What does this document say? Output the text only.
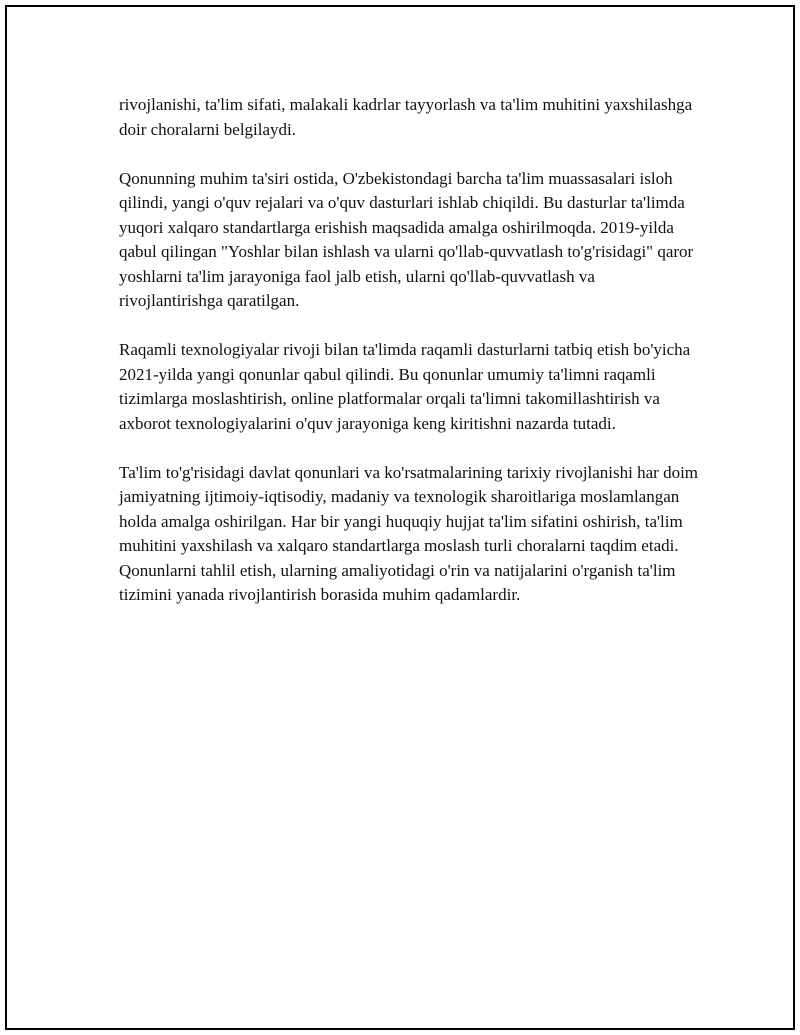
rivojlanishi, ta'lim sifati, malakali kadrlar tayyorlash va ta'lim muhitini yaxshilashga doir choralarni belgilaydi.

Qonunning muhim ta'siri ostida, O'zbekistondagi barcha ta'lim muassasalari isloh qilindi, yangi o'quv rejalari va o'quv dasturlari ishlab chiqildi. Bu dasturlar ta'limda yuqori xalqaro standartlarga erishish maqsadida amalga oshirilmoqda. 2019-yilda qabul qilingan "Yoshlar bilan ishlash va ularni qo'llab-quvvatlash to'g'risidagi" qaror yoshlarni ta'lim jarayoniga faol jalb etish, ularni qo'llab-quvvatlash va rivojlantirishga qaratilgan.

Raqamli texnologiyalar rivoji bilan ta'limda raqamli dasturlarni tatbiq etish bo'yicha 2021-yilda yangi qonunlar qabul qilindi. Bu qonunlar umumiy ta'limni raqamli tizimlarga moslashtirish, online platformalar orqali ta'limni takomillashtirish va axborot texnologiyalarini o'quv jarayoniga keng kiritishni nazarda tutadi.

Ta'lim to'g'risidagi davlat qonunlari va ko'rsatmalarining tarixiy rivojlanishi har doim jamiyatning ijtimoiy-iqtisodiy, madaniy va texnologik sharoitlariga moslamlangan holda amalga oshirilgan. Har bir yangi huquqiy hujjat ta'lim sifatini oshirish, ta'lim muhitini yaxshilash va xalqaro standartlarga moslash turli choralarni taqdim etadi. Qonunlarni tahlil etish, ularning amaliyotidagi o'rin va natijalarini o'rganish ta'lim tizimini yanada rivojlantirish borasida muhim qadamlardir.
